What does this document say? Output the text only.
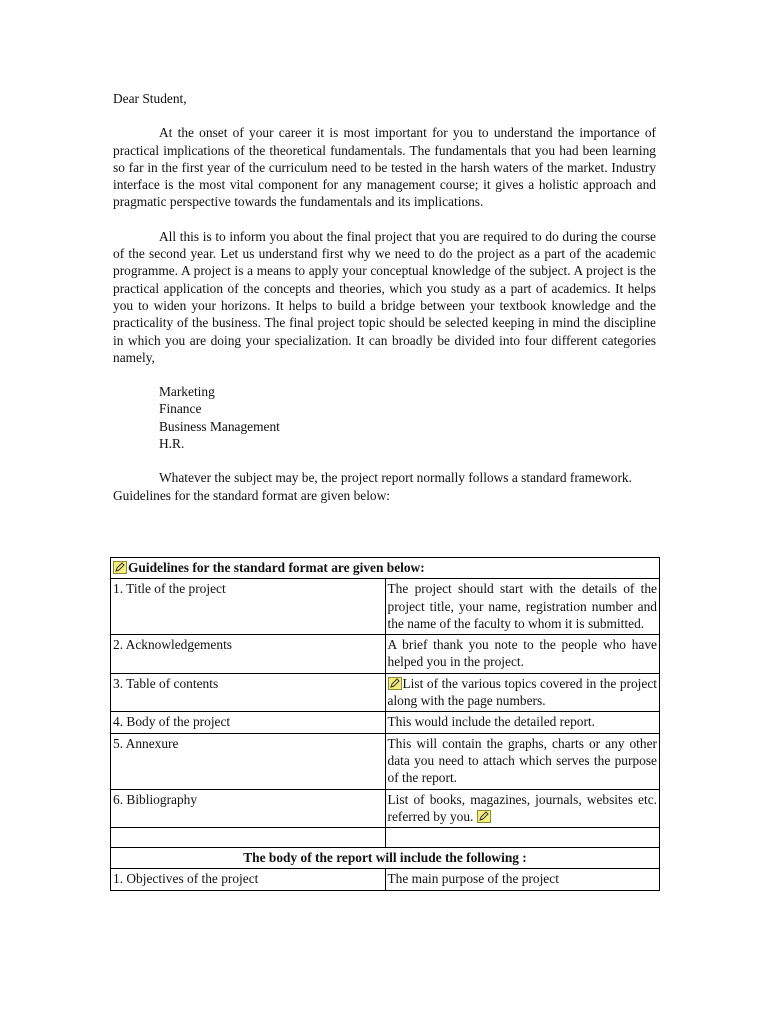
Dear Student,

At the onset of your career it is most important for you to understand the importance of practical implications of the theoretical fundamentals. The fundamentals that you had been learning so far in the first year of the curriculum need to be tested in the harsh waters of the market. Industry interface is the most vital component for any management course; it gives a holistic approach and pragmatic perspective towards the fundamentals and its implications.

All this is to inform you about the final project that you are required to do during the course of the second year. Let us understand first why we need to do the project as a part of the academic programme. A project is a means to apply your conceptual knowledge of the subject. A project is the practical application of the concepts and theories, which you study as a part of academics. It helps you to widen your horizons. It helps to build a bridge between your textbook knowledge and the practicality of the business. The final project topic should be selected keeping in mind the discipline in which you are doing your specialization. It can broadly be divided into four different categories namely,

Marketing
Finance
Business Management
H.R.

Whatever the subject may be, the project report normally follows a standard framework. Guidelines for the standard format are given below:

Guidelines for the standard format are given below:	
1. Title of the project	The project should start with the details of the project title, your name, registration number and the name of the faculty to whom it is submitted.
2. Acknowledgements	A brief thank you note to the people who have helped you in the project.
3. Table of contents	List of the various topics covered in the project along with the page numbers.
4. Body of the project	This would include the detailed report.
5. Annexure	This will contain the graphs, charts or any other data you need to attach which serves the purpose of the report.
6. Bibliography	List of books, magazines, journals, websites etc. referred by you.

The body of the report will include the following :	
1. Objectives of the project	The main purpose of the project
